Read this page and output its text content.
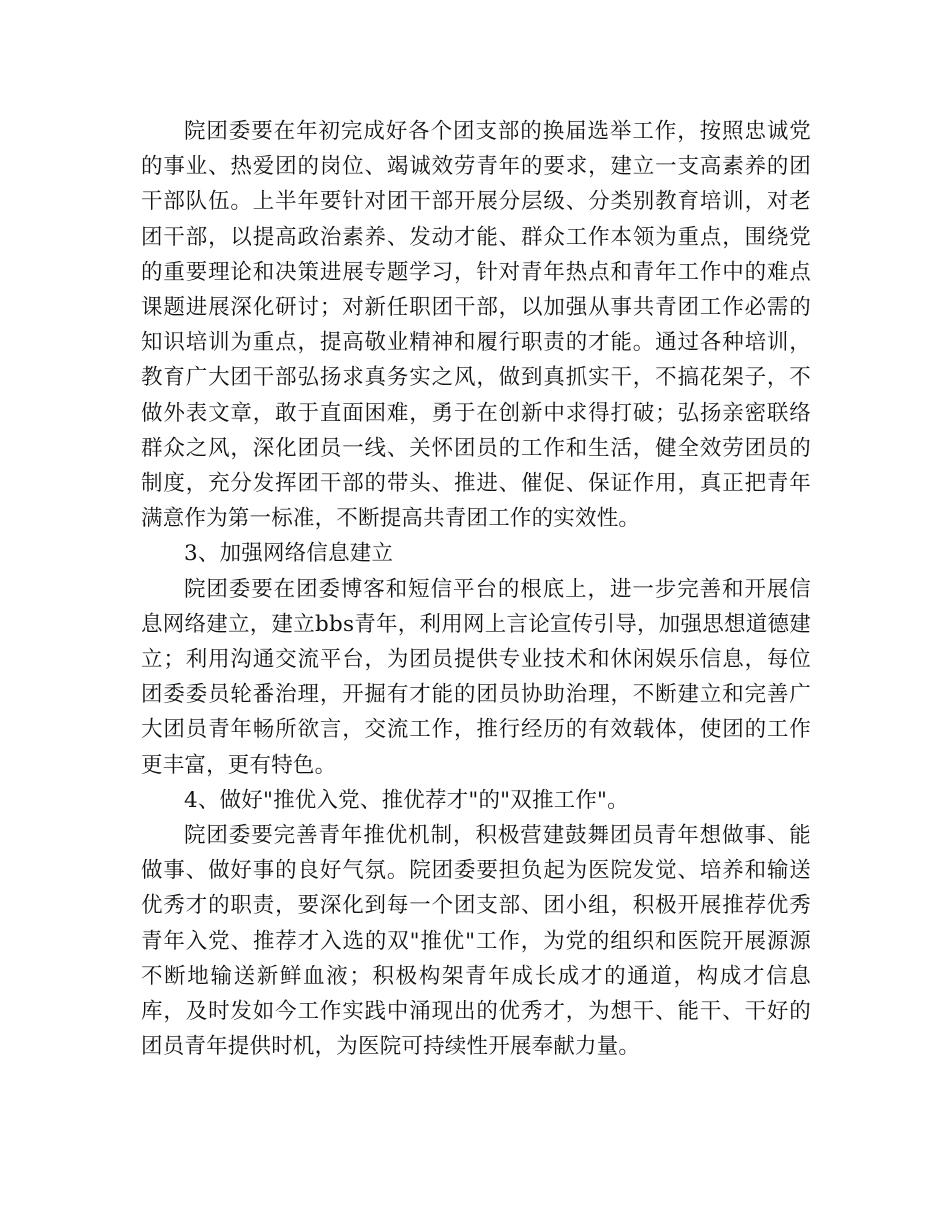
院团委要在年初完成好各个团支部的换届选举工作，按照忠诚党的事业、热爱团的岗位、竭诚效劳青年的要求，建立一支高素养的团干部队伍。上半年要针对团干部开展分层级、分类别教育培训，对老团干部，以提高政治素养、发动才能、群众工作本领为重点，围绕党的重要理论和决策进展专题学习，针对青年热点和青年工作中的难点课题进展深化研讨；对新任职团干部，以加强从事共青团工作必需的知识培训为重点，提高敬业精神和履行职责的才能。通过各种培训，教育广大团干部弘扬求真务实之风，做到真抓实干，不搞花架子，不做外表文章，敢于直面困难，勇于在创新中求得打破；弘扬亲密联络群众之风，深化团员一线、关怀团员的工作和生活，健全效劳团员的制度，充分发挥团干部的带头、推进、催促、保证作用，真正把青年满意作为第一标准，不断提高共青团工作的实效性。

3、加强网络信息建立

院团委要在团委博客和短信平台的根底上，进一步完善和开展信息网络建立，建立bbs青年，利用网上言论宣传引导，加强思想道德建立；利用沟通交流平台，为团员提供专业技术和休闲娱乐信息，每位团委委员轮番治理，开掘有才能的团员协助治理，不断建立和完善广大团员青年畅所欲言，交流工作，推行经历的有效载体，使团的工作更丰富，更有特色。

4、做好"推优入党、推优荐才"的"双推工作"。

院团委要完善青年推优机制，积极营建鼓舞团员青年想做事、能做事、做好事的良好气氛。院团委要担负起为医院发觉、培养和输送优秀才的职责，要深化到每一个团支部、团小组，积极开展推荐优秀青年入党、推荐才入选的双"推优"工作，为党的组织和医院开展源源不断地输送新鲜血液；积极构架青年成长成才的通道，构成才信息库，及时发如今工作实践中涌现出的优秀才，为想干、能干、干好的团员青年提供时机，为医院可持续性开展奉献力量。
